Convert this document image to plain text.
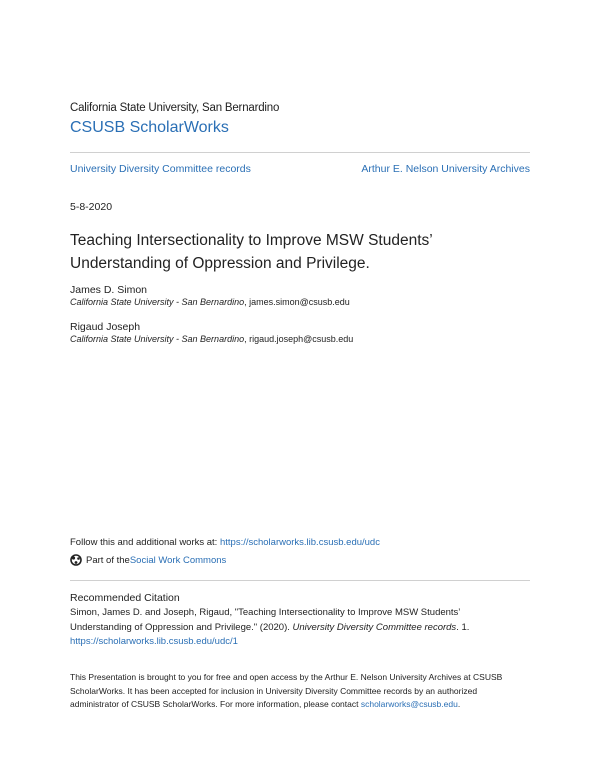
California State University, San Bernardino
CSUSB ScholarWorks
University Diversity Committee records	Arthur E. Nelson University Archives
5-8-2020
Teaching Intersectionality to Improve MSW Students’
Understanding of Oppression and Privilege.
James D. Simon
California State University - San Bernardino, james.simon@csusb.edu
Rigaud Joseph
California State University - San Bernardino, rigaud.joseph@csusb.edu
Follow this and additional works at: https://scholarworks.lib.csusb.edu/udc
Part of the Social Work Commons
Recommended Citation
Simon, James D. and Joseph, Rigaud, "Teaching Intersectionality to Improve MSW Students’
Understanding of Oppression and Privilege." (2020). University Diversity Committee records. 1.
https://scholarworks.lib.csusb.edu/udc/1
This Presentation is brought to you for free and open access by the Arthur E. Nelson University Archives at CSUSB
ScholarWorks. It has been accepted for inclusion in University Diversity Committee records by an authorized
administrator of CSUSB ScholarWorks. For more information, please contact scholarworks@csusb.edu.
